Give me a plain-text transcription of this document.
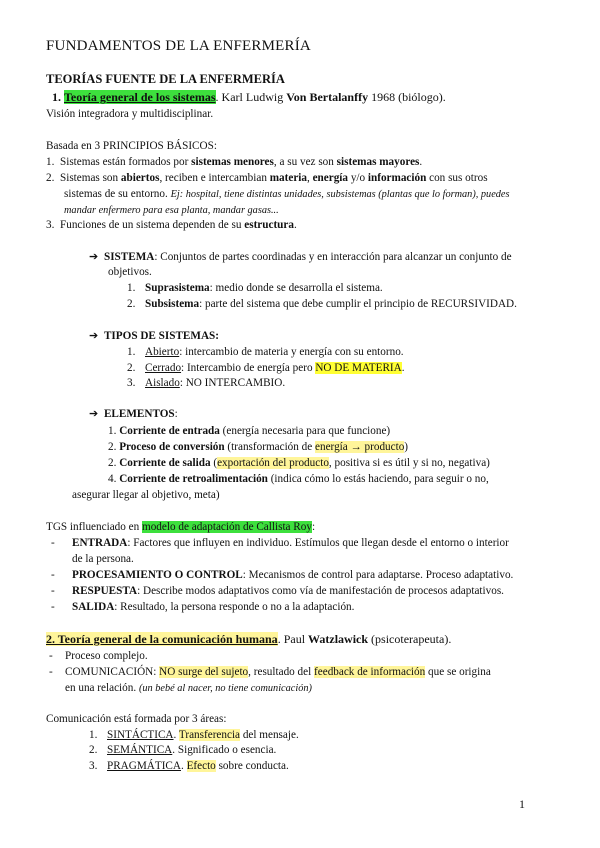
FUNDAMENTOS DE LA ENFERMERÍA
TEORÍAS FUENTE DE LA ENFERMERÍA
1. Teoría general de los sistemas. Karl Ludwig Von Bertalanffy 1968 (biólogo).
Visión integradora y multidisciplinar.
Basada en 3 PRINCIPIOS BÁSICOS:
1. Sistemas están formados por sistemas menores, a su vez son sistemas mayores.
2. Sistemas son abiertos, reciben e intercambian materia, energía y/o información con sus otros
sistemas de su entorno. Ej: hospital, tiene distintas unidades, subsistemas (plantas que lo forman), puedes
mandar enfermero para esa planta, mandar gasas...
3. Funciones de un sistema dependen de su estructura.
➔ SISTEMA: Conjuntos de partes coordinadas y en interacción para alcanzar un conjunto de
objetivos.
1. Suprasistema: medio donde se desarrolla el sistema.
2. Subsistema: parte del sistema que debe cumplir el principio de RECURSIVIDAD.
➔ TIPOS DE SISTEMAS:
1. Abierto: intercambio de materia y energía con su entorno.
2. Cerrado: Intercambio de energía pero NO DE MATERIA.
3. Aislado: NO INTERCAMBIO.
➔ ELEMENTOS:
1. Corriente de entrada (energía necesaria para que funcione)
2. Proceso de conversión (transformación de energía → producto)
2. Corriente de salida (exportación del producto, positiva si es útil y si no, negativa)
4. Corriente de retroalimentación (indica cómo lo estás haciendo, para seguir o no,
asegurar llegar al objetivo, meta)
TGS influenciado en modelo de adaptación de Callista Roy:
- ENTRADA: Factores que influyen en individuo. Estímulos que llegan desde el entorno o interior
de la persona.
- PROCESAMIENTO O CONTROL: Mecanismos de control para adaptarse. Proceso adaptativo.
- RESPUESTA: Describe modos adaptativos como vía de manifestación de procesos adaptativos.
- SALIDA: Resultado, la persona responde o no a la adaptación.
2. Teoría general de la comunicación humana. Paul Watzlawick (psicoterapeuta).
- Proceso complejo.
- COMUNICACIÓN: NO surge del sujeto, resultado del feedback de información que se origina
en una relación. (un bebé al nacer, no tiene comunicación)
Comunicación está formada por 3 áreas:
1. SINTÁCTICA. Transferencia del mensaje.
2. SEMÁNTICA. Significado o esencia.
3. PRAGMÁTICA. Efecto sobre conducta.
1
